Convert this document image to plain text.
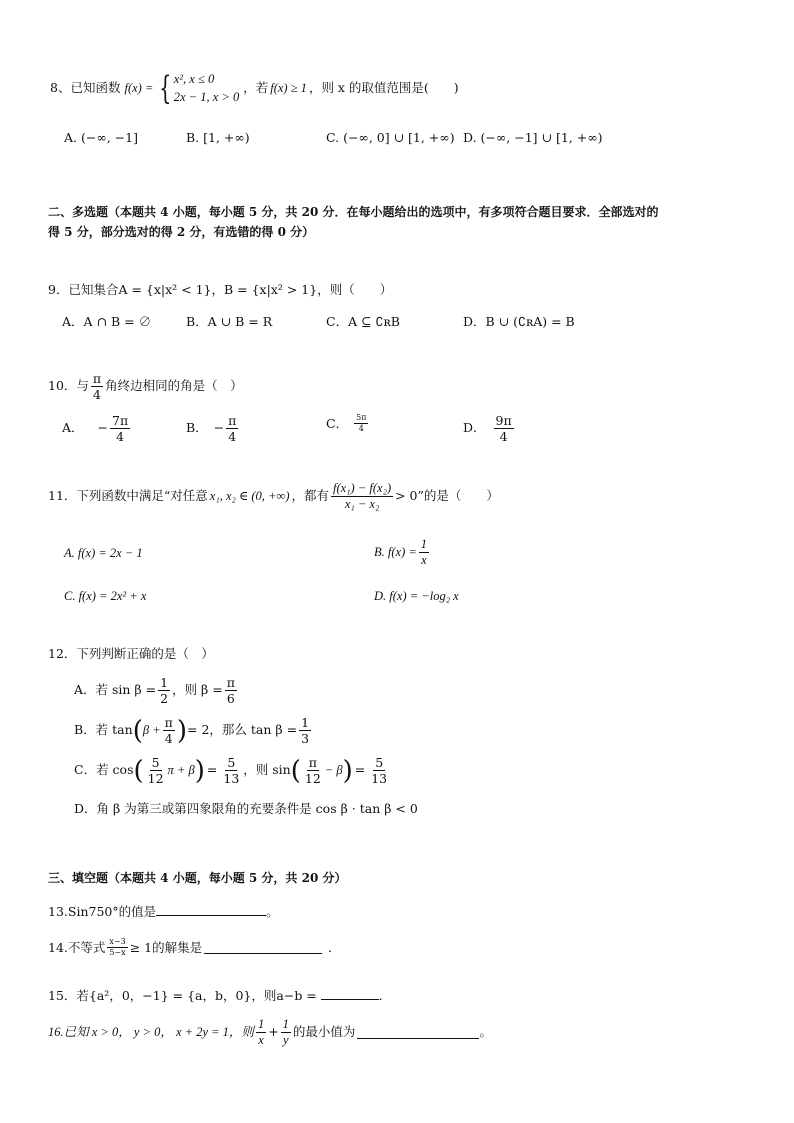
8、 已知函数 f(x) = { x², x ≤ 0
2x − 1, x > 0
，若 f(x) ≥ 1 ，则 x 的取值范围是(　　)
A. (−∞, −1]	B. [1, +∞)	C. (−∞, 0] ∪ [1, +∞) D. (−∞, −1] ∪ [1, +∞)
二、多选题（本题共 4 小题，每小题 5 分，共 20 分．在每小题给出的选项中，有多项符合题目要求．全部选对的
得 5 分，部分选对的得 2 分，有选错的得 0 分）
9．已知集合A = {x|x² < 1}，B = {x|x² > 1}，则（　　）
A．A ∩ B = ∅	B．A ∪ B = R	C．A ⊆ ∁ʀB	D．B ∪ (∁ʀA) = B
10．与 $\frac{\pi}{4}$ 角终边相同的角是（　）
A． − $\frac{7\pi}{4}$	B． − $\frac{\pi}{4}$	C． $\frac{5\pi}{4}$	D． $\frac{9\pi}{4}$
11．下列函数中满足“对任意 x₁, x₂ ∈ (0, +∞) ，都有 $\frac{\text{f(x₁) − f(x₂)}}{\text{x₁ − x₂}} > 0$”的是（　　）
A. f(x) = 2x − 1	B. $f(x) = \frac{1}{x}$
C. f(x) = 2x² + x	D. f(x) = −log₂ x
12．下列判断正确的是（　）
A．若 $\sin \beta = \frac{1}{2}$ ，则 $\beta = \frac{\pi}{6}$
B．若 tan ( $\beta + \frac{\pi}{4}$ ) = 2，那么 $\tan \beta = \frac{1}{3}$
C．若 cos ( $\frac{5}{12}$ π + β ) = $\frac{5}{13}$ ，则 sin ( $\frac{\pi}{12} - \beta$ ) = $\frac{5}{13}$
D．角 β 为第三或第四象限角的充要条件是 cos β · tan β < 0
三、填空题（本题共 4 小题，每小题 5 分，共 20 分）
13.Sin750°的值是	。
14.不等式 $\frac{x-3}{5-x} \ge 1$的解集是	．
15．若{a²，0，−1} = {a，b，0}，则a−b =	.
16.已知 x > 0， y > 0， x + 2y = 1，则 $\frac{1}{x} + \frac{1}{y}$ 的最小值为	。
